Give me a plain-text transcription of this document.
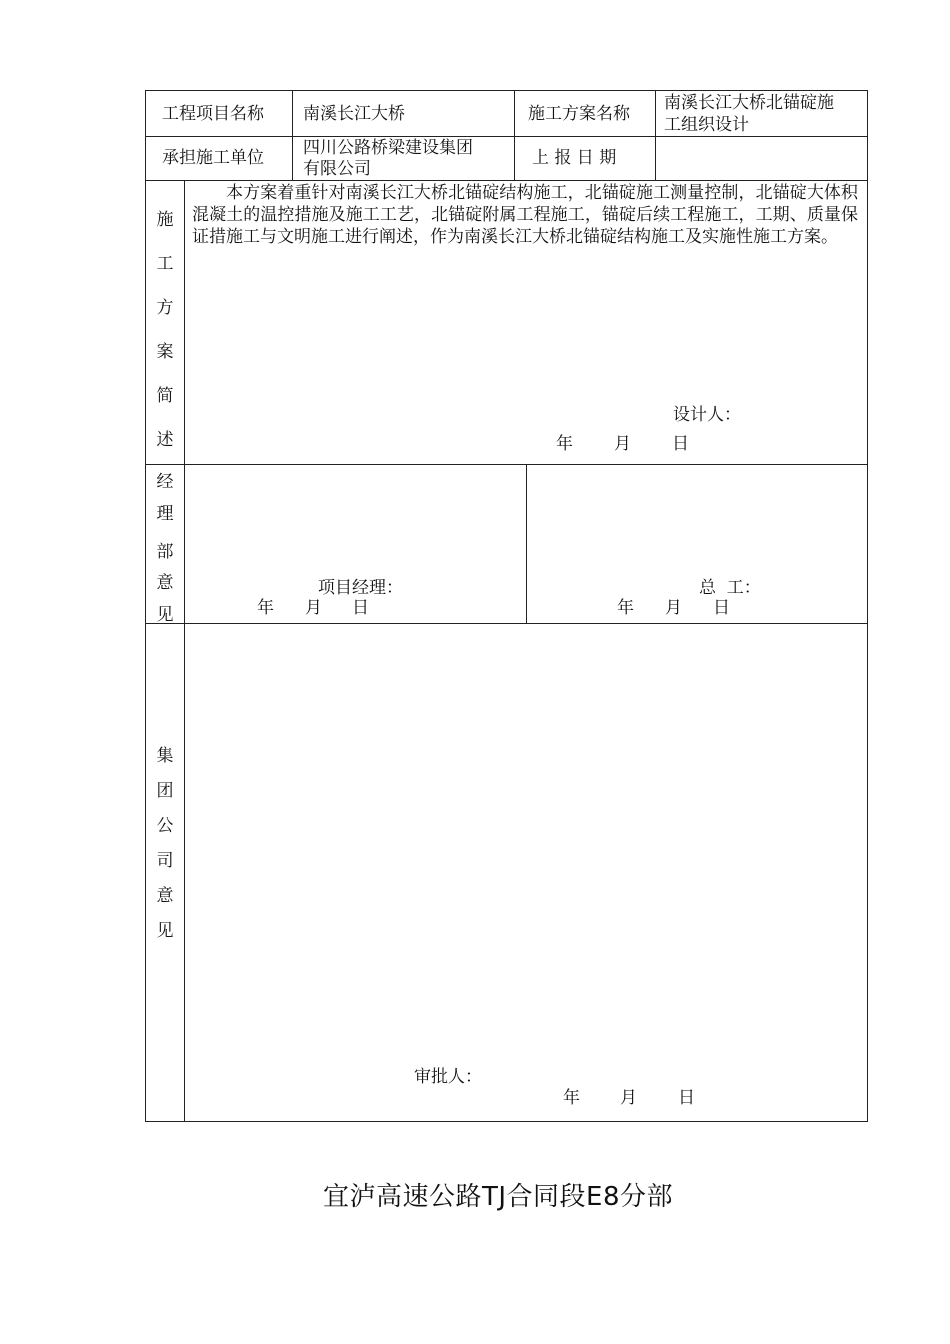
工程项目名称 南溪长江大桥	施工方案名称
南溪长江大桥北锚碇施
工组织设计
承担施工单位 四川公路桥梁建设集团
有限公司
上 报 日 期
施
工
方
案
简
述
本方案着重针对南溪长江大桥北锚碇结构施工，北锚碇施工测量控制，北锚碇大体积混凝土的温控措施及施工工艺，北锚碇附属工程施工，锚碇后续工程施工，工期、质量保证措施工与文明施工进行阐述，作为南溪长江大桥北锚碇结构施工及实施性施工方案。
设计人：
年 月 日
经
理
部
意
见
项目经理：
年 月 日
总  工：
年 月 日
集
团
公
司
意
见
审批人：
年 月 日
宜泸高速公路TJ合同段E8分部
